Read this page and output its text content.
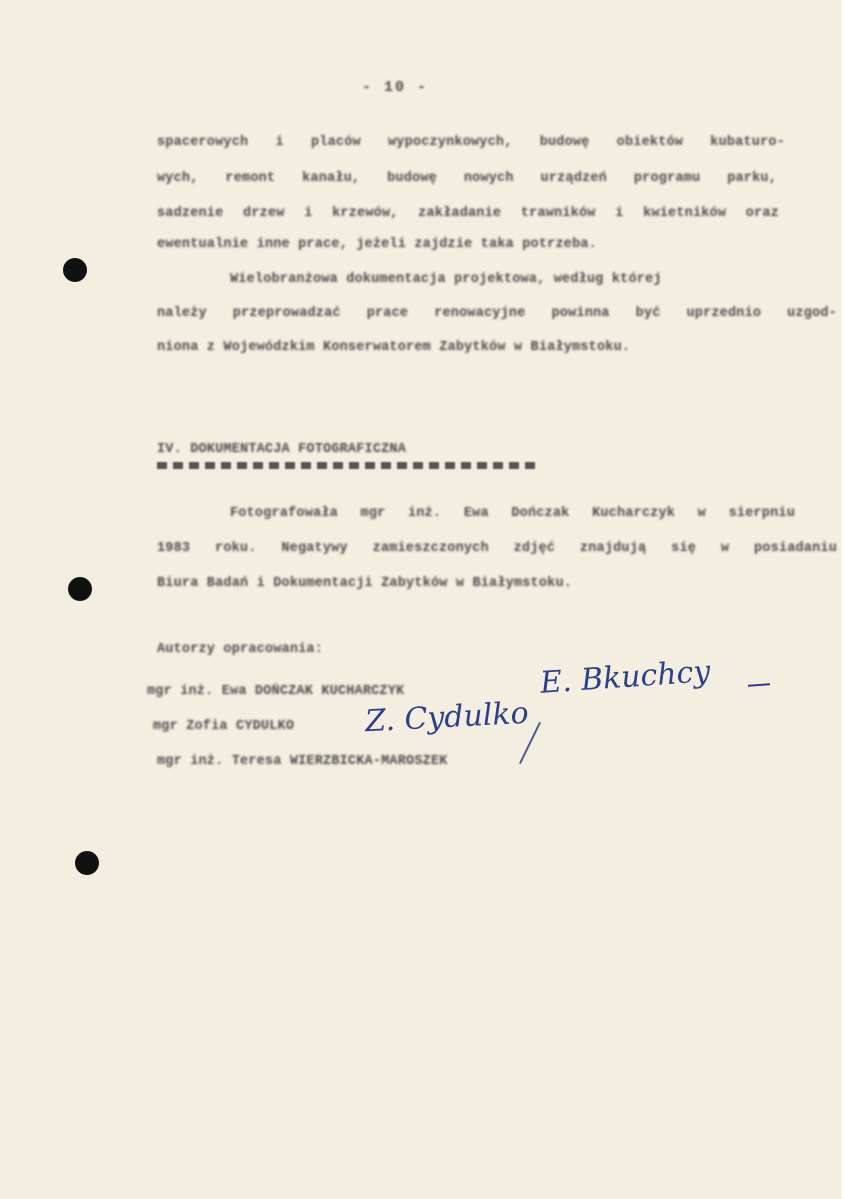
- 10 -
spacerowych i placów wypoczynkowych, budowę obiektów kubaturo-
wych, remont kanału, budowę nowych urządzeń programu parku,
sadzenie drzew i krzewów, zakładanie trawników i kwietników oraz
ewentualnie inne prace, jeżeli zajdzie taka potrzeba.
Wielobranżowa dokumentacja projektowa, według której
należy przeprowadzać prace renowacyjne powinna być uprzednio uzgod-
niona z Wojewódzkim Konserwatorem Zabytków w Białymstoku.
IV. DOKUMENTACJA FOTOGRAFICZNA
Fotografowała mgr inż. Ewa Dończak Kucharczyk w sierpniu
1983 roku. Negatywy zamieszczonych zdjęć znajdują się w posiadaniu
Biura Badań i Dokumentacji Zabytków w Białymstoku.
Autorzy opracowania:
mgr inż. Ewa DOŃCZAK KUCHARCZYK
mgr Zofia CYDULKO
mgr inż. Teresa WIERZBICKA-MAROSZEK
E. Bkuchcy
Z. Cydulko
